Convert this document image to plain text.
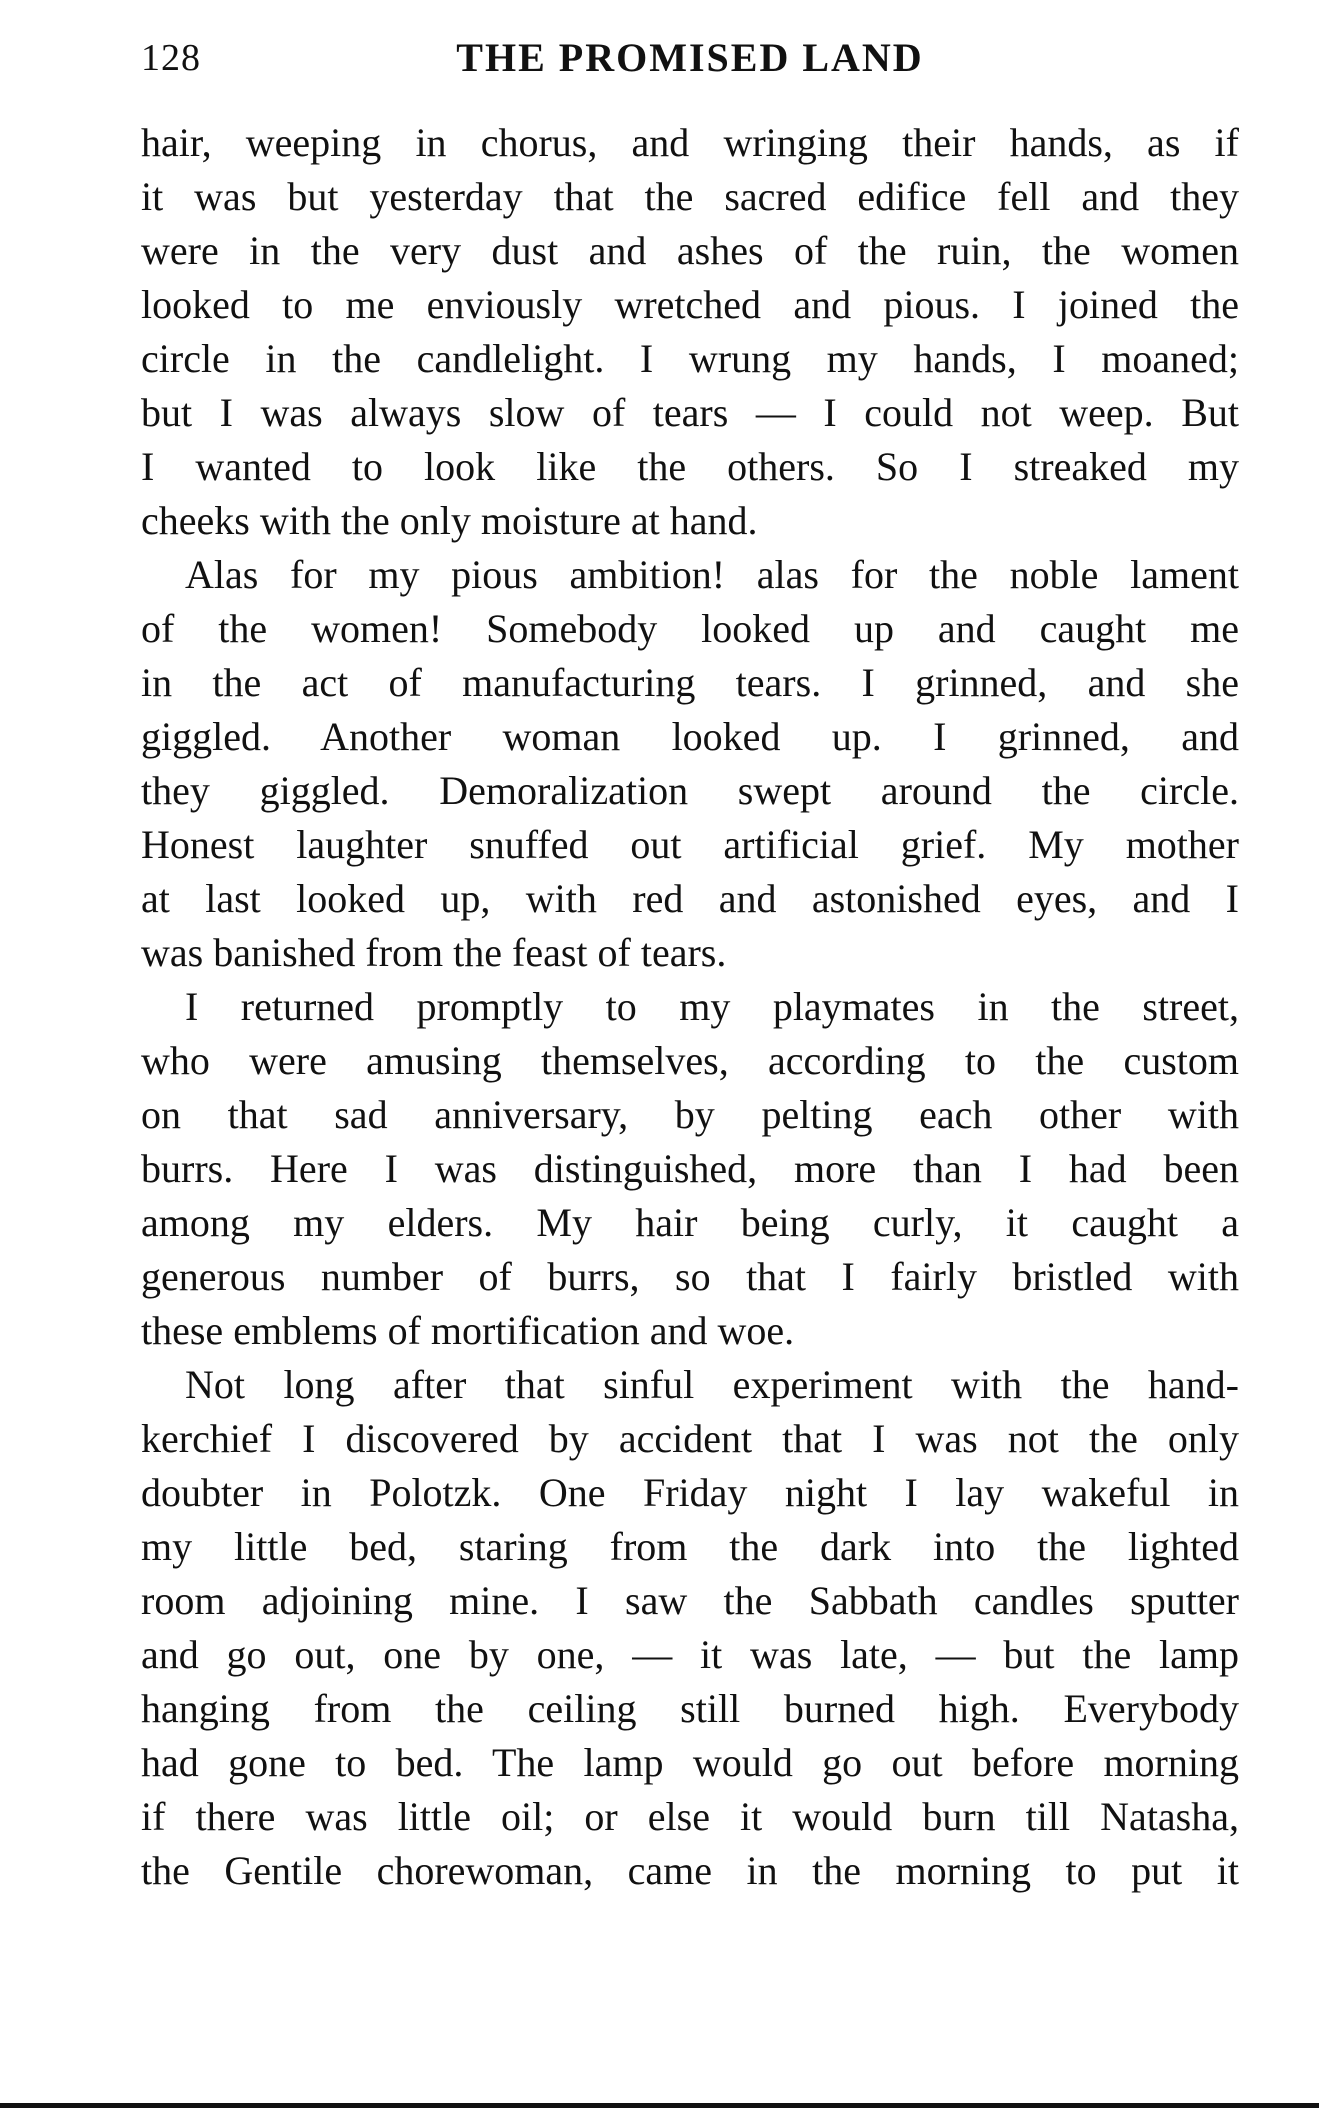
128	THE PROMISED LAND
hair, weeping in chorus, and wringing their hands, as if
it was but yesterday that the sacred edifice fell and they
were in the very dust and ashes of the ruin, the women
looked to me enviously wretched and pious. I joined the
circle in the candlelight. I wrung my hands, I moaned;
but I was always slow of tears — I could not weep. But
I wanted to look like the others. So I streaked my
cheeks with the only moisture at hand.
Alas for my pious ambition! alas for the noble lament
of the women! Somebody looked up and caught me
in the act of manufacturing tears. I grinned, and she
giggled. Another woman looked up. I grinned, and
they giggled. Demoralization swept around the circle.
Honest laughter snuffed out artificial grief. My mother
at last looked up, with red and astonished eyes, and I
was banished from the feast of tears.
I returned promptly to my playmates in the street,
who were amusing themselves, according to the custom
on that sad anniversary, by pelting each other with
burrs. Here I was distinguished, more than I had been
among my elders. My hair being curly, it caught a
generous number of burrs, so that I fairly bristled with
these emblems of mortification and woe.
Not long after that sinful experiment with the hand-
kerchief I discovered by accident that I was not the only
doubter in Polotzk. One Friday night I lay wakeful in
my little bed, staring from the dark into the lighted
room adjoining mine. I saw the Sabbath candles sputter
and go out, one by one, — it was late, — but the lamp
hanging from the ceiling still burned high. Everybody
had gone to bed. The lamp would go out before morning
if there was little oil; or else it would burn till Natasha,
the Gentile chorewoman, came in the morning to put it
